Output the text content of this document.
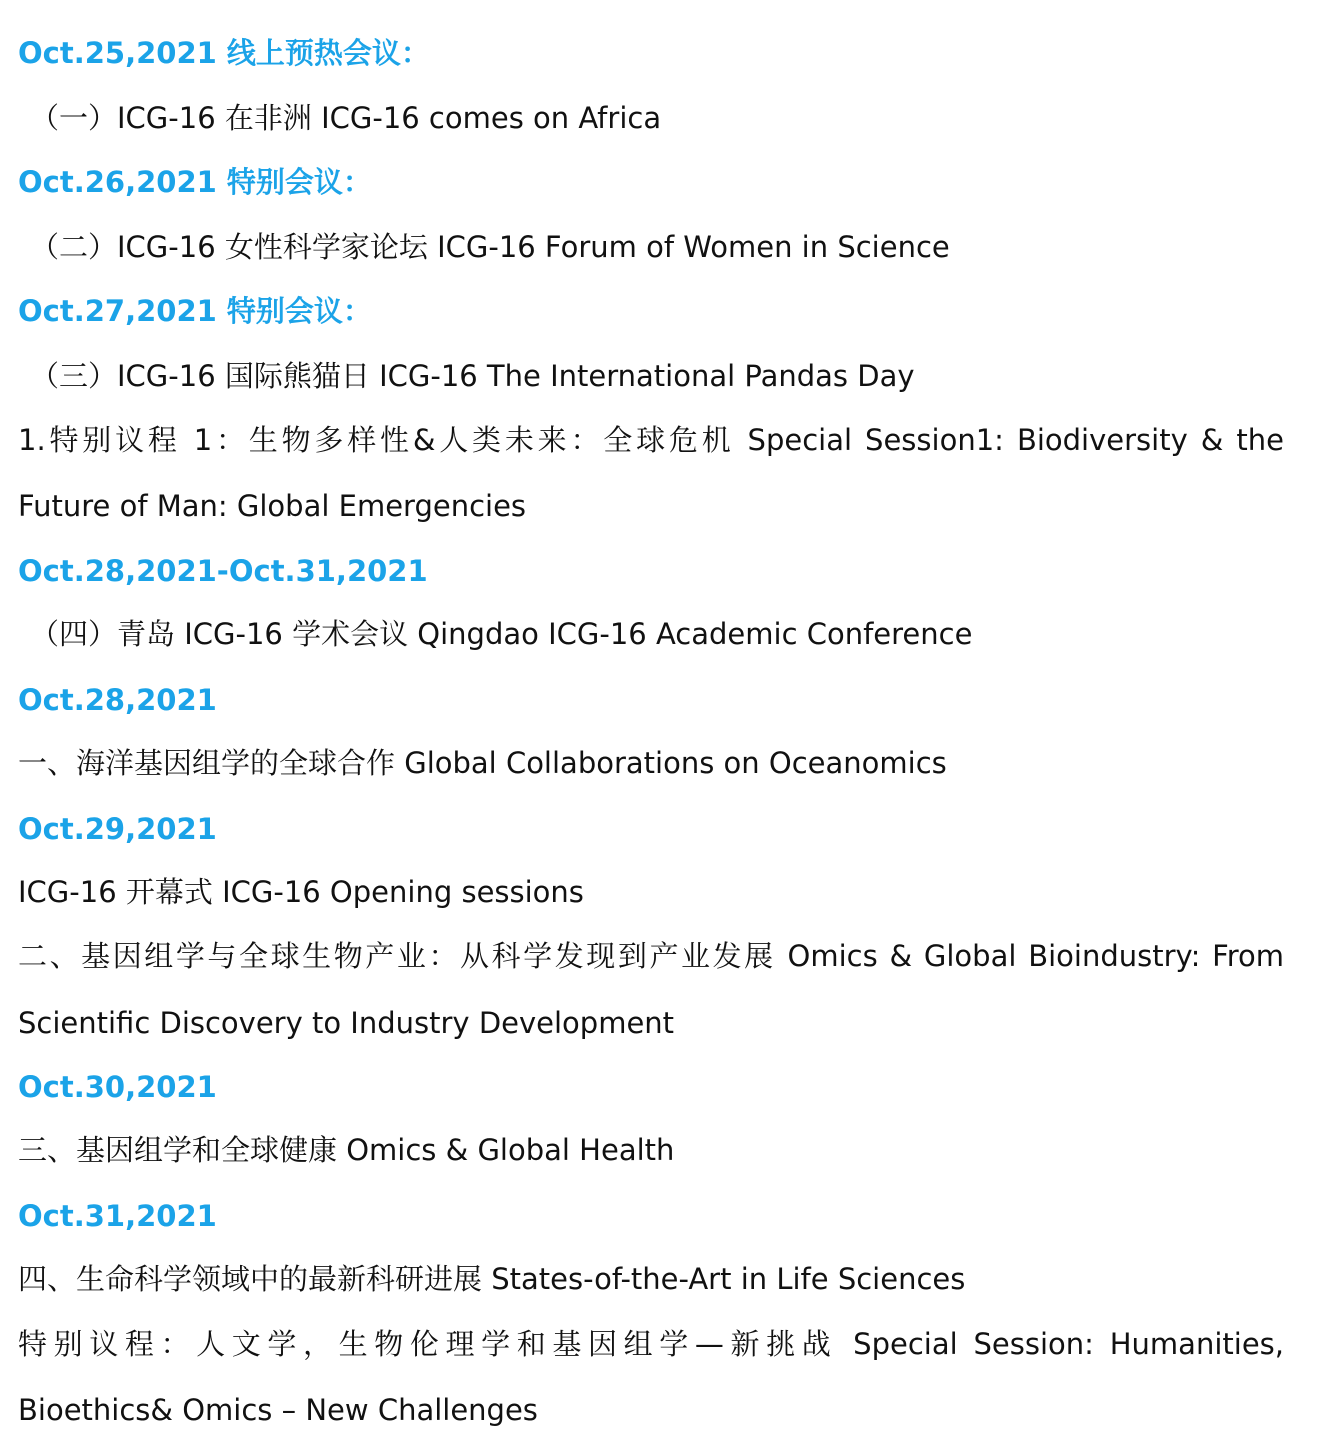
Oct.25,2021 线上预热会议：
（一）ICG-16 在非洲 ICG-16 comes on Africa
Oct.26,2021 特别会议：
（二）ICG-16 女性科学家论坛 ICG-16 Forum of Women in Science
Oct.27,2021 特别会议：
（三）ICG-16 国际熊猫日 ICG-16 The International Pandas Day
1.特别议程 1：生物多样性&人类未来：全球危机 Special Session1: Biodiversity & the
Future of Man: Global Emergencies
Oct.28,2021-Oct.31,2021
（四）青岛 ICG-16 学术会议 Qingdao ICG-16 Academic Conference
Oct.28,2021
一、海洋基因组学的全球合作 Global Collaborations on Oceanomics
Oct.29,2021
ICG-16 开幕式 ICG-16 Opening sessions
二、基因组学与全球生物产业：从科学发现到产业发展 Omics & Global Bioindustry: From
Scientific Discovery to Industry Development
Oct.30,2021
三、基因组学和全球健康 Omics & Global Health
Oct.31,2021
四、生命科学领域中的最新科研进展 States-of-the-Art in Life Sciences
特别议程：人文学，生物伦理学和基因组学—新挑战 Special Session: Humanities,
Bioethics& Omics – New Challenges
